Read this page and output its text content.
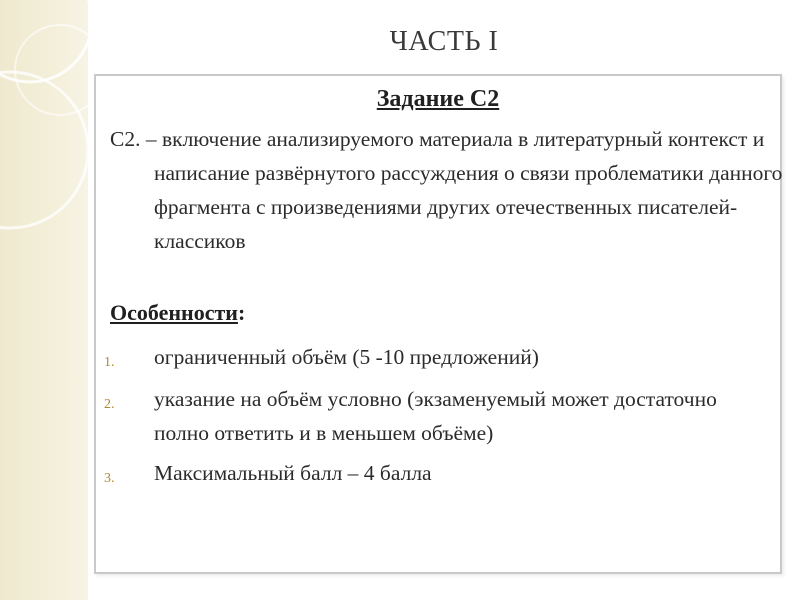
ЧАСТЬ I
Задание С2
С2. – включение анализируемого материала в литературный контекст и написание развёрнутого рассуждения о связи проблематики данного фрагмента с произведениями других отечественных писателей-классиков
Особенности:
1. ограниченный объём (5 -10 предложений)
2. указание на объём условно (экзаменуемый может достаточно полно ответить и в меньшем объёме)
3. Максимальный балл – 4 балла
